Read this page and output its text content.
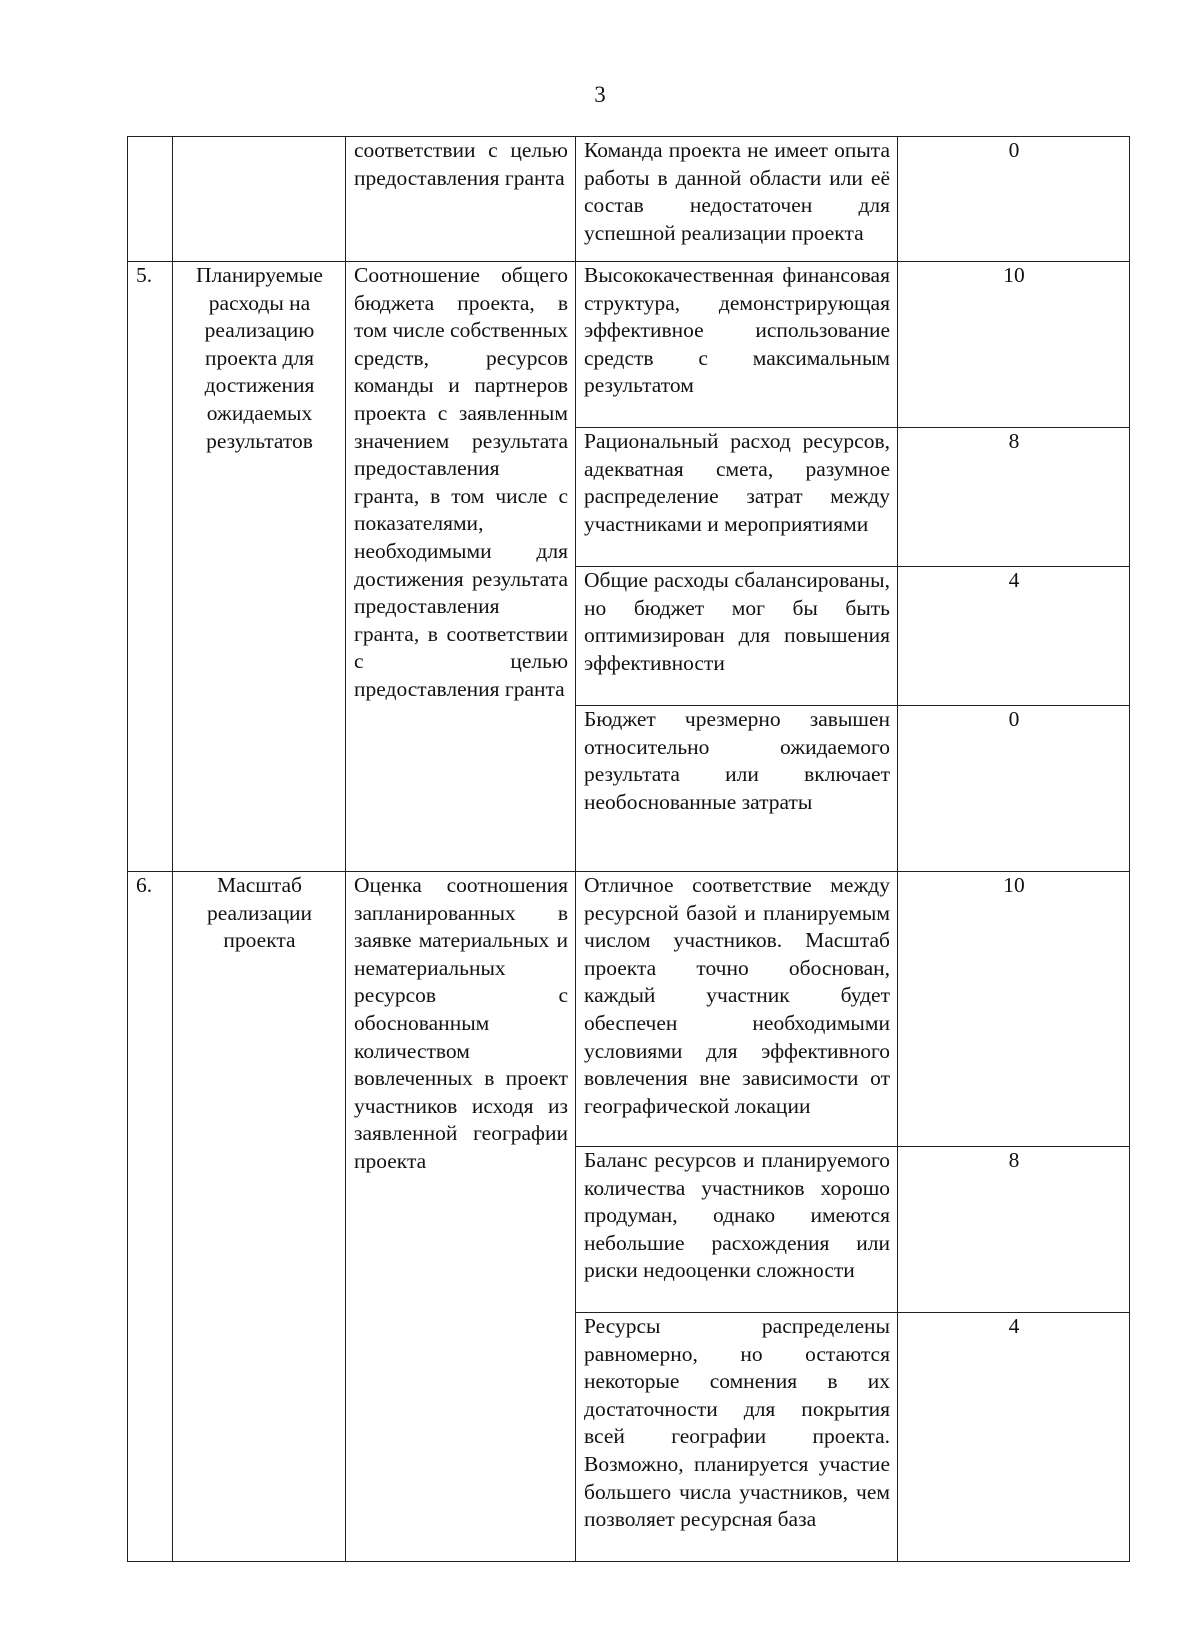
3
		соответствии с целью предоставления гранта	Команда проекта не имеет опыта работы в данной области или её состав недостаточен для успешной реализации проекта	0
5.	Планируемые расходы на реализацию проекта для достижения ожидаемых результатов	Соотношение общего бюджета проекта, в том числе собственных средств, ресурсов команды и партнеров проекта с заявленным значением результата предоставления гранта, в том числе с показателями, необходимыми для достижения результата предоставления гранта, в соответствии с целью предоставления гранта	Высококачественная финансовая структура, демонстрирующая эффективное использование средств с максимальным результатом	10
			Рациональный расход ресурсов, адекватная смета, разумное распределение затрат между участниками и мероприятиями	8
			Общие расходы сбалансированы, но бюджет мог бы быть оптимизирован для повышения эффективности	4
			Бюджет чрезмерно завышен относительно ожидаемого результата или включает необоснованные затраты	0
6.	Масштаб реализации проекта	Оценка соотношения запланированных в заявке материальных и нематериальных ресурсов с обоснованным количеством вовлеченных в проект участников исходя из заявленной географии проекта	Отличное соответствие между ресурсной базой и планируемым числом участников. Масштаб проекта точно обоснован, каждый участник будет обеспечен необходимыми условиями для эффективного вовлечения вне зависимости от географической локации	10
			Баланс ресурсов и планируемого количества участников хорошо продуман, однако имеются небольшие расхождения или риски недооценки сложности	8
			Ресурсы распределены равномерно, но остаются некоторые сомнения в их достаточности для покрытия всей географии проекта. Возможно, планируется участие большего числа участников, чем позволяет ресурсная база	4
